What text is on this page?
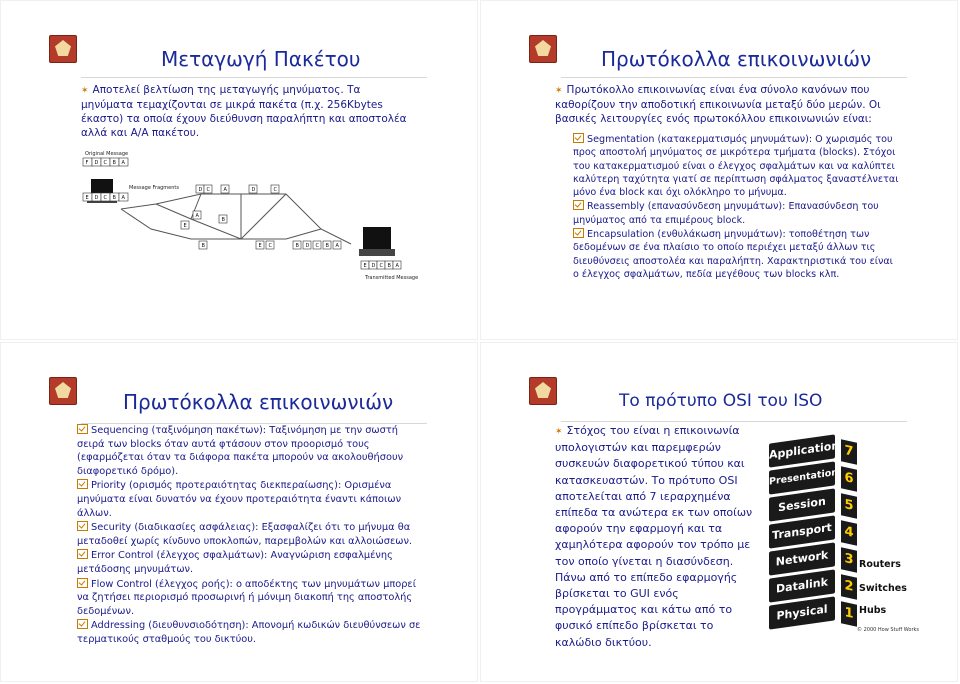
Μεταγωγή Πακέτου
✶ Αποτελεί βελτίωση της μεταγωγής μηνύματος. Τα μηνύματα τεμαχίζονται σε μικρά πακέτα (π.χ. 256Kbytes έκαστο) τα οποία έχουν διεύθυνση παραλήπτη και αποστολέα αλλά και Α/Α πακέτου.
Original Message
Message Fragments
Transmitted Message
F D C B A
E D C B A
D C	A	D	C
A
B
E
B	E C	B D C B A
E D C B A
Πρωτόκολλα επικοινωνιών
✶ Πρωτόκολλο επικοινωνίας είναι ένα σύνολο κανόνων που καθορίζουν την αποδοτική επικοινωνία μεταξύ δύο μερών. Οι βασικές λειτουργίες ενός πρωτοκόλλου επικοινωνιών είναι:
Segmentation (κατακερματισμός μηνυμάτων): Ο χωρισμός του προς αποστολή μηνύματος σε μικρότερα τμήματα (blocks). Στόχοι του κατακερματισμού είναι ο έλεγχος σφαλμάτων και να καλύπτει καλύτερη ταχύτητα γιατί σε περίπτωση σφάλματος ξαναστέλνεται μόνο ένα block και όχι ολόκληρο το μήνυμα.
Reassembly (επανασύνδεση μηνυμάτων): Επανασύνδεση του μηνύματος από τα επιμέρους block.
Encapsulation (ενθυλάκωση μηνυμάτων): τοποθέτηση των δεδομένων σε ένα πλαίσιο το οποίο περιέχει μεταξύ άλλων τις διευθύνσεις αποστολέα και παραλήπτη. Χαρακτηριστικά του είναι ο έλεγχος σφαλμάτων, πεδία μεγέθους των blocks κλπ.
Πρωτόκολλα επικοινωνιών
Sequencing (ταξινόμηση πακέτων): Ταξινόμηση με την σωστή σειρά των blocks όταν αυτά φτάσουν στον προορισμό τους (εφαρμόζεται όταν τα διάφορα πακέτα μπορούν να ακολουθήσουν διαφορετικό δρόμο).
Priority (ορισμός προτεραιότητας διεκπεραίωσης): Ορισμένα μηνύματα είναι δυνατόν να έχουν προτεραιότητα έναντι κάποιων άλλων.
Security (διαδικασίες ασφάλειας): Εξασφαλίζει ότι το μήνυμα θα μεταδοθεί χωρίς κίνδυνο υποκλοπών, παρεμβολών και αλλοιώσεων.
Error Control (έλεγχος σφαλμάτων): Αναγνώριση εσφαλμένης μετάδοσης μηνυμάτων.
Flow Control (έλεγχος ροής): ο αποδέκτης των μηνυμάτων μπορεί να ζητήσει περιορισμό προσωρινή ή μόνιμη διακοπή της αποστολής δεδομένων.
Addressing (διευθυνσιοδότηση): Απονομή κωδικών διευθύνσεων σε τερματικούς σταθμούς του δικτύου.
Το πρότυπο OSI του ISO
✶ Στόχος του είναι η επικοινωνία υπολογιστών και παρεμφερών συσκευών διαφορετικού τύπου και κατασκευαστών. Το πρότυπο OSI αποτελείται από 7 ιεραρχημένα επίπεδα τα ανώτερα εκ των οποίων αφορούν την εφαρμογή και τα χαμηλότερα αφορούν τον τρόπο με τον οποίο γίνεται η διασύνδεση. Πάνω από το επίπεδο εφαρμογής βρίσκεται το GUI ενός προγράμματος και κάτω από το φυσικό επίπεδο βρίσκεται το καλώδιο δικτύου.
Application 7
Presentation 6
Session	5
Transport 4
Network	3
Datalink	2
Physical	1
Routers
Switches
Hubs
© 2000 How Stuff Works
